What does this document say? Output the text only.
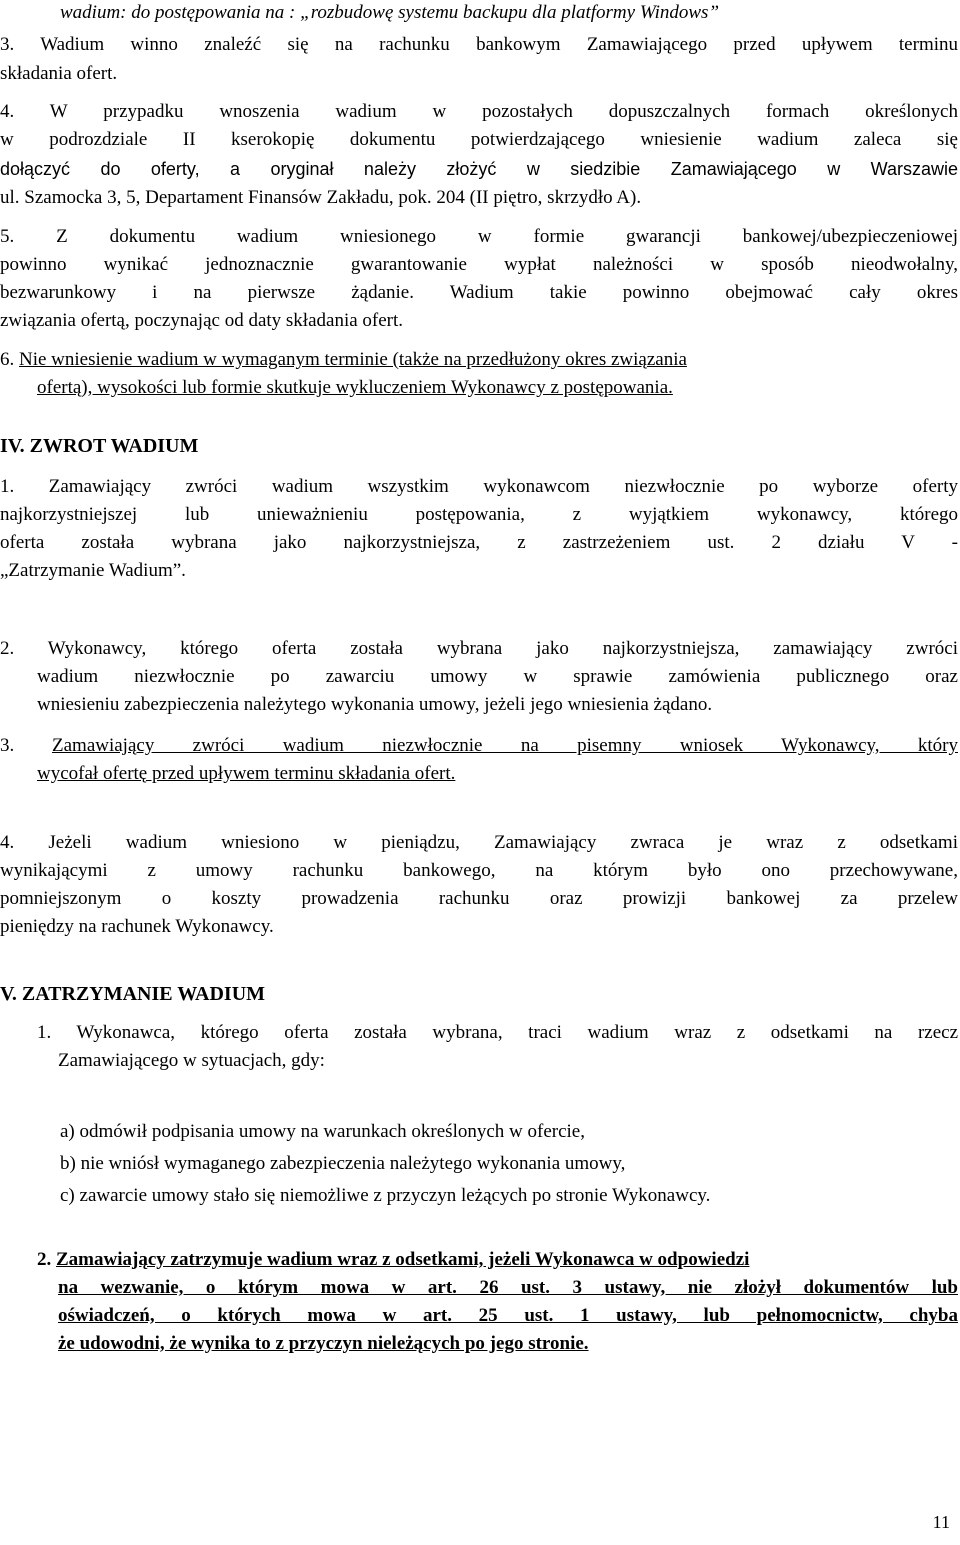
wadium: do postępowania na : „rozbudowę systemu backupu dla platformy Windows”
3. Wadium winno znaleźć się na rachunku bankowym Zamawiającego przed upływem terminu
składania ofert.
4. W przypadku wnoszenia wadium w pozostałych dopuszczalnych formach określonych
w podrozdziale II kserokopię dokumentu potwierdzającego wniesienie wadium zaleca się
dołączyć do oferty, a oryginał należy złożyć w siedzibie Zamawiającego w Warszawie
ul. Szamocka 3, 5, Departament Finansów Zakładu, pok. 204 (II piętro, skrzydło A).
5. Z dokumentu wadium wniesionego w formie gwarancji bankowej/ubezpieczeniowej
powinno wynikać jednoznacznie gwarantowanie wypłat należności w sposób nieodwołalny,
bezwarunkowy i na pierwsze żądanie. Wadium takie powinno obejmować cały okres
związania ofertą, poczynając od daty składania ofert.
6. Nie wniesienie wadium w wymaganym terminie (także na przedłużony okres związania
ofertą), wysokości lub formie skutkuje wykluczeniem Wykonawcy z postępowania.
IV. ZWROT WADIUM
1. Zamawiający zwróci wadium wszystkim wykonawcom niezwłocznie po wyborze oferty
najkorzystniejszej lub unieważnieniu postępowania, z wyjątkiem wykonawcy, którego
oferta została wybrana jako najkorzystniejsza, z zastrzeżeniem ust. 2 działu V -
„Zatrzymanie Wadium”.
2. Wykonawcy, którego oferta została wybrana jako najkorzystniejsza, zamawiający zwróci
wadium niezwłocznie po zawarciu umowy w sprawie zamówienia publicznego oraz
wniesieniu zabezpieczenia należytego wykonania umowy, jeżeli jego wniesienia żądano.
3.	Zamawiający zwróci wadium niezwłocznie na pisemny wniosek Wykonawcy, który
wycofał ofertę przed upływem terminu składania ofert.
4. Jeżeli wadium wniesiono w pieniądzu, Zamawiający zwraca je wraz z odsetkami
wynikającymi z umowy rachunku bankowego, na którym było ono przechowywane,
pomniejszonym o koszty prowadzenia rachunku oraz prowizji bankowej za przelew
pieniędzy na rachunek Wykonawcy.
V. ZATRZYMANIE WADIUM
1. Wykonawca, którego oferta została wybrana, traci wadium wraz z odsetkami na rzecz
Zamawiającego w sytuacjach, gdy:
a) odmówił podpisania umowy na warunkach określonych w ofercie,
b) nie wniósł wymaganego zabezpieczenia należytego wykonania umowy,
c) zawarcie umowy stało się niemożliwe z przyczyn leżących po stronie Wykonawcy.
2. Zamawiający zatrzymuje wadium wraz z odsetkami, jeżeli Wykonawca w odpowiedzi
na wezwanie, o którym mowa w art. 26 ust. 3 ustawy, nie złożył dokumentów lub
oświadczeń, o których mowa w art. 25 ust. 1 ustawy, lub pełnomocnictw, chyba
że udowodni, że wynika to z przyczyn nieleżących po jego stronie.
11
